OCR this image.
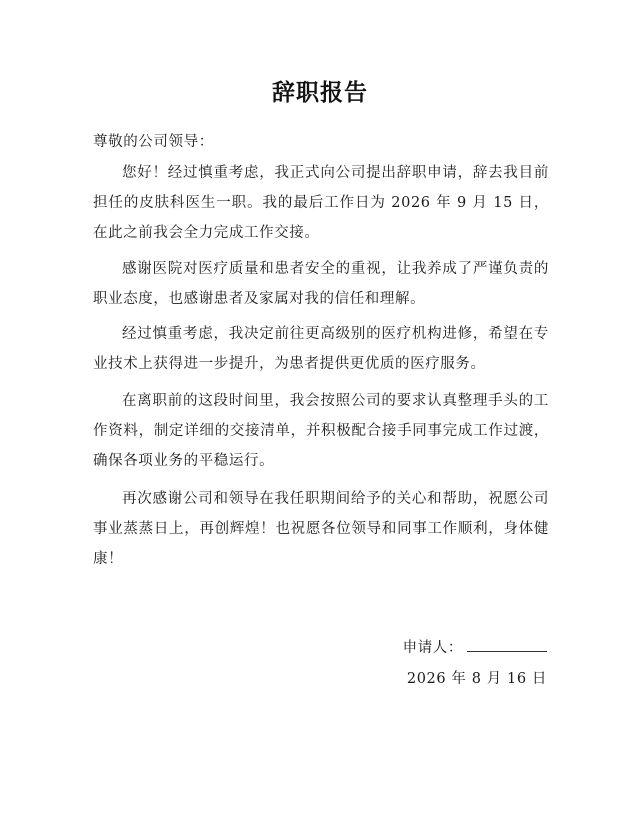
辞职报告
尊敬的公司领导：

您好！经过慎重考虑，我正式向公司提出辞职申请，辞去我目前担任的皮肤科医生一职。我的最后工作日为 2026 年 9 月 15 日，在此之前我会全力完成工作交接。

感谢医院对医疗质量和患者安全的重视，让我养成了严谨负责的职业态度，也感谢患者及家属对我的信任和理解。

经过慎重考虑，我决定前往更高级别的医疗机构进修，希望在专业技术上获得进一步提升，为患者提供更优质的医疗服务。

在离职前的这段时间里，我会按照公司的要求认真整理手头的工作资料，制定详细的交接清单，并积极配合接手同事完成工作过渡，确保各项业务的平稳运行。

再次感谢公司和领导在我任职期间给予的关心和帮助，祝愿公司事业蒸蒸日上，再创辉煌！也祝愿各位领导和同事工作顺利，身体健康！

申请人：
2026 年 8 月 16 日
